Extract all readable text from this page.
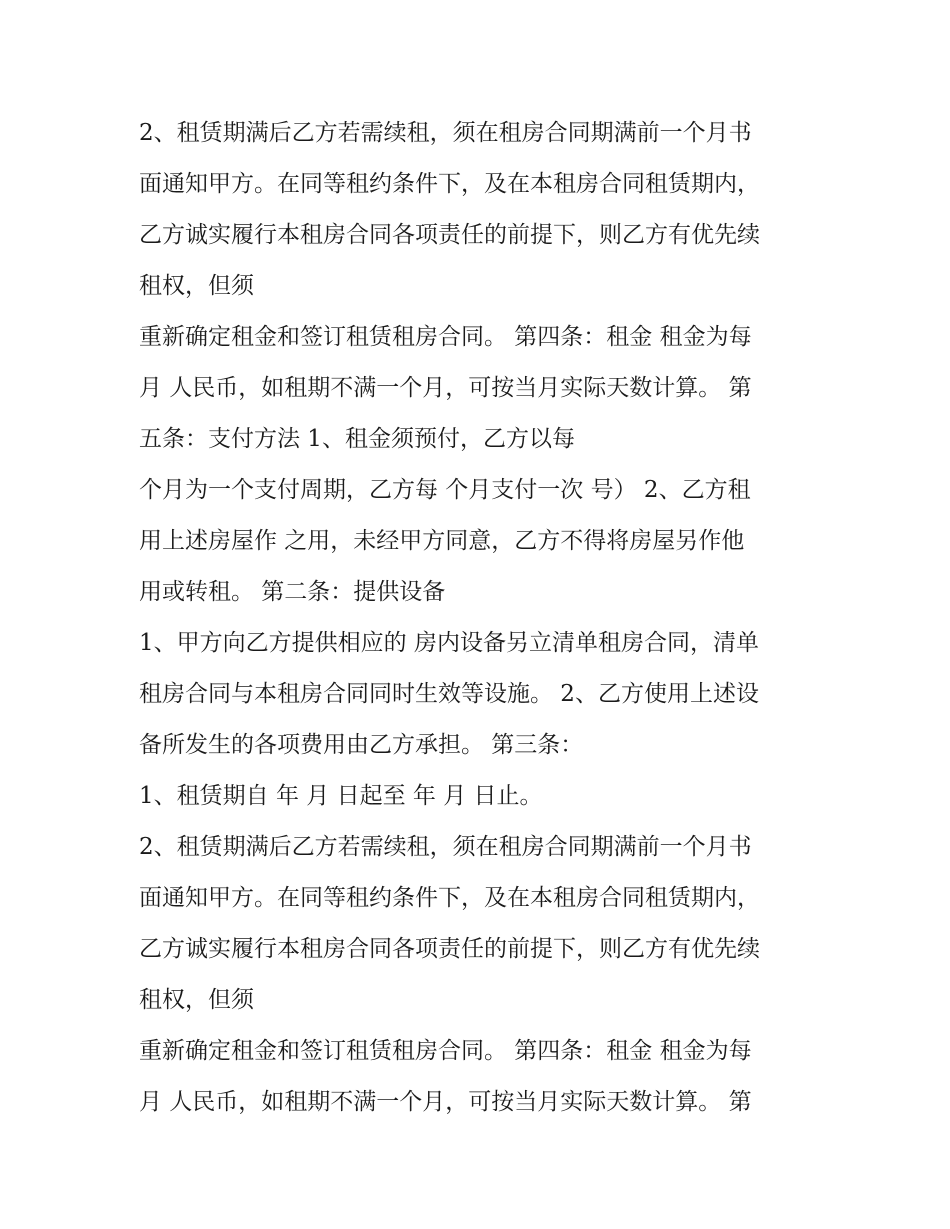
2、租赁期满后乙方若需续租，须在租房合同期满前一个月书
面通知甲方。在同等租约条件下，及在本租房合同租赁期内，
乙方诚实履行本租房合同各项责任的前提下，则乙方有优先续
租权，但须
重新确定租金和签订租赁租房合同。 第四条：租金 租金为每
月 人民币，如租期不满一个月，可按当月实际天数计算。 第
五条：支付方法 1、租金须预付，乙方以每
个月为一个支付周期，乙方每 个月支付一次 号） 2、乙方租
用上述房屋作 之用，未经甲方同意，乙方不得将房屋另作他
用或转租。 第二条：提供设备
1、甲方向乙方提供相应的 房内设备另立清单租房合同，清单
租房合同与本租房合同同时生效等设施。 2、乙方使用上述设
备所发生的各项费用由乙方承担。 第三条：
1、租赁期自 年 月 日起至 年 月 日止。
2、租赁期满后乙方若需续租，须在租房合同期满前一个月书
面通知甲方。在同等租约条件下，及在本租房合同租赁期内，
乙方诚实履行本租房合同各项责任的前提下，则乙方有优先续
租权，但须
重新确定租金和签订租赁租房合同。 第四条：租金 租金为每
月 人民币，如租期不满一个月，可按当月实际天数计算。 第
